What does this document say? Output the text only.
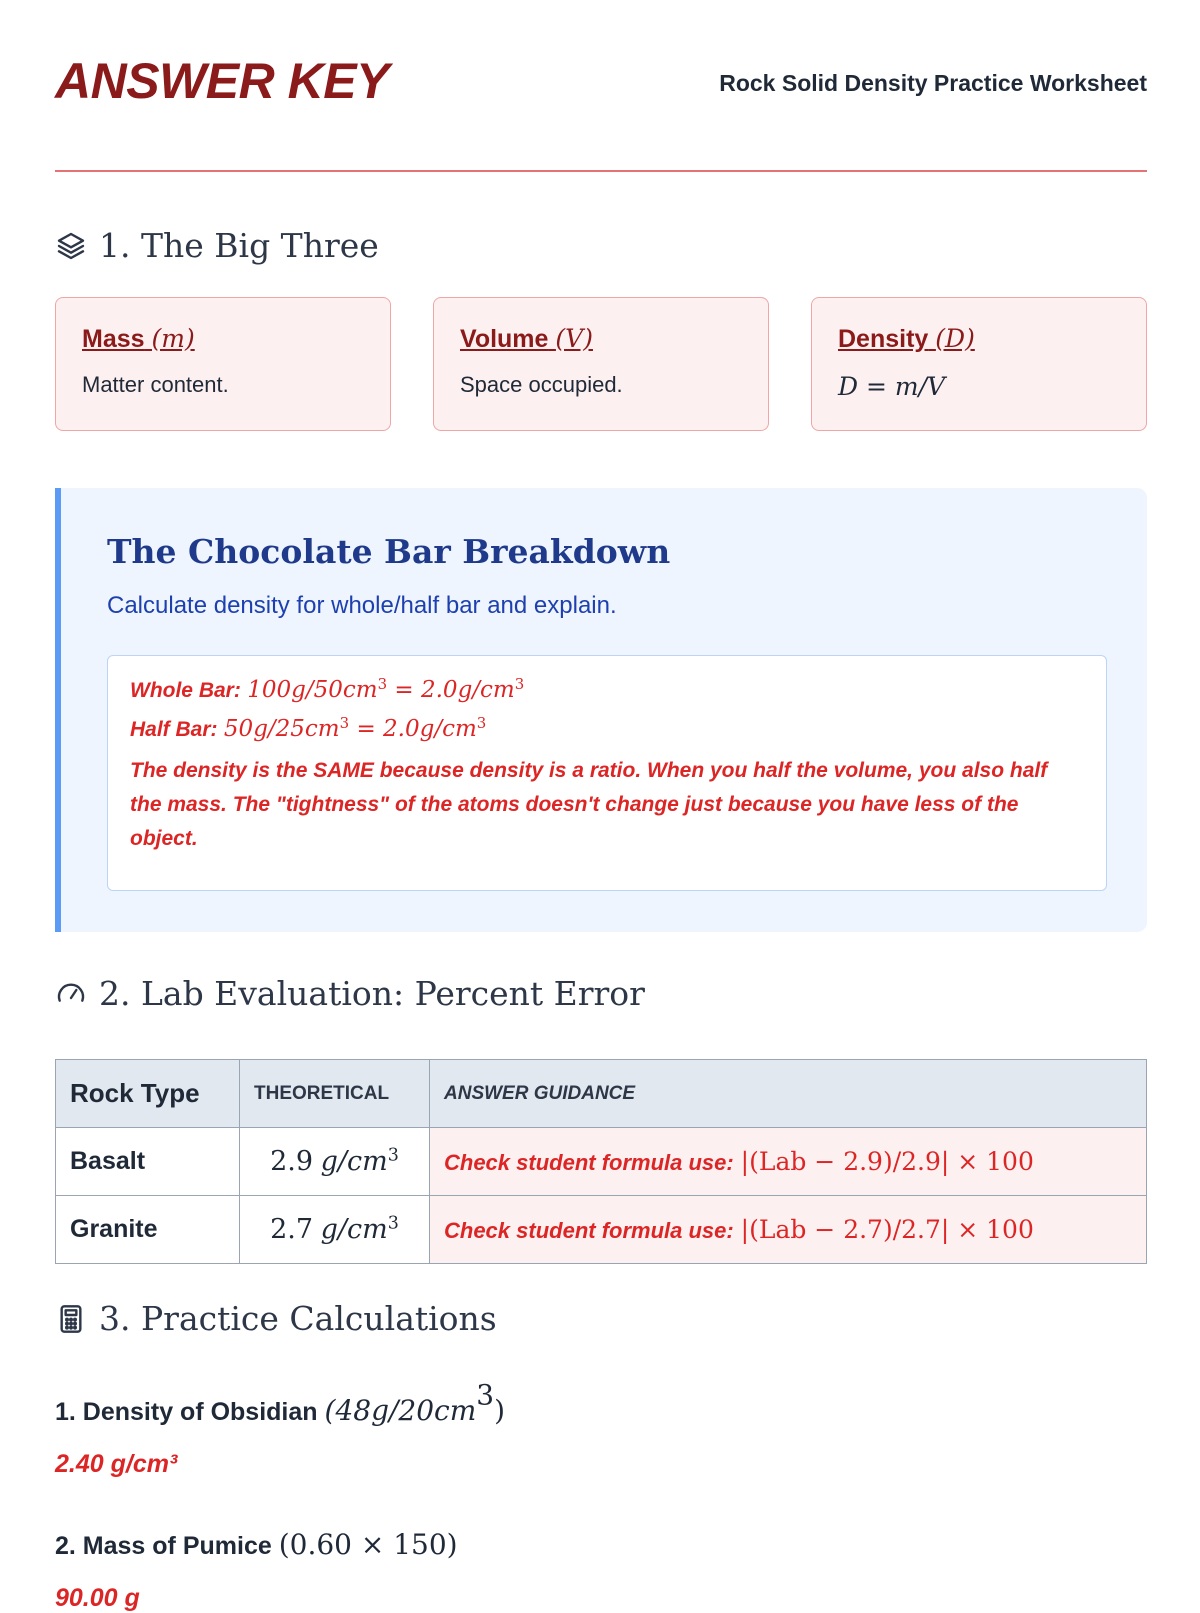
ANSWER KEY	Rock Solid Density Practice Worksheet
1. The Big Three
Mass (m)
Matter content.
Volume (V)
Space occupied.
Density (D)
D = m/V
The Chocolate Bar Breakdown
Calculate density for whole/half bar and explain.
Whole Bar: $100g/50cm^3 = 2.0g/cm^3$
Half Bar: $50g/25cm^3 = 2.0g/cm^3$
The density is the SAME because density is a ratio. When you half the volume, you also half the mass. The "tightness" of the atoms doesn't change just because you have less of the object.
2. Lab Evaluation: Percent Error
Rock Type	THEORETICAL	ANSWER GUIDANCE
Basalt	2.9 $g/cm^3$	Check student formula use: |(Lab − 2.9)/2.9| × 100
Granite	2.7 $g/cm^3$	Check student formula use: |(Lab − 2.7)/2.7| × 100
3. Practice Calculations
1. Density of Obsidian $(48g/20cm^3)$
2.40 g/cm³
2. Mass of Pumice (0.60 × 150)
90.00 g
